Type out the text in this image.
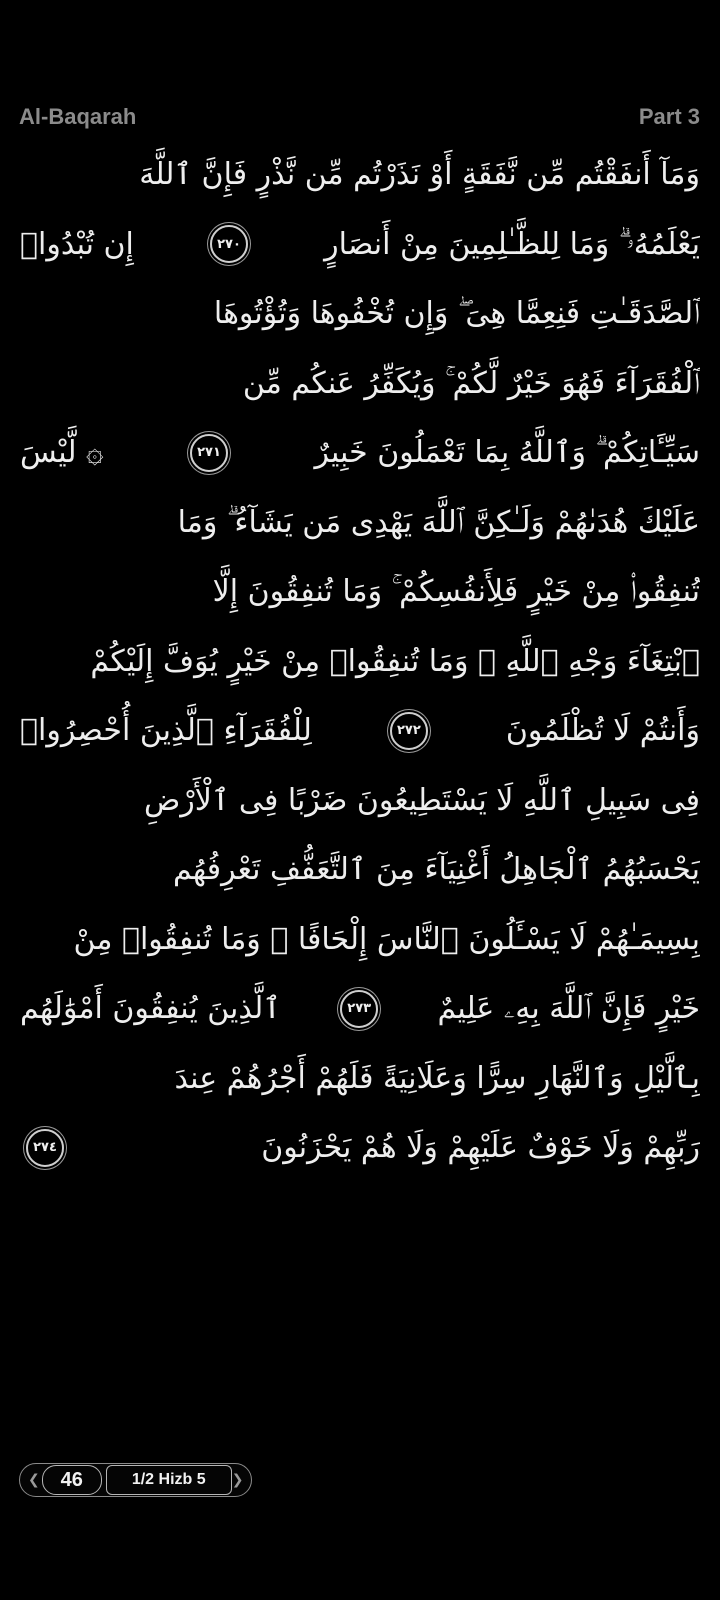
Al-Baqarah	Part 3
وَمَآ أَنفَقْتُم مِّن نَّفَقَةٍ أَوْ نَذَرْتُم مِّن نَّذْرٍ فَإِنَّ ٱللَّهَ
يَعْلَمُهُۥ ۗ وَمَا لِلظَّـٰلِمِينَ مِنْ أَنصَارٍ
٢٧٠
إِن تُبْدُوا۟
ٱلصَّدَقَـٰتِ فَنِعِمَّا هِىَ ۖ وَإِن تُخْفُوهَا وَتُؤْتُوهَا
ٱلْفُقَرَآءَ فَهُوَ خَيْرٌ لَّكُمْ ۚ وَيُكَفِّرُ عَنكُم مِّن
سَيِّـَٔاتِكُمْ ۗ وَٱللَّهُ بِمَا تَعْمَلُونَ خَبِيرٌ
٢٧١
۞ لَّيْسَ
عَلَيْكَ هُدَىٰهُمْ وَلَـٰكِنَّ ٱللَّهَ يَهْدِى مَن يَشَآءُ ۗ وَمَا
تُنفِقُوا۟ مِنْ خَيْرٍ فَلِأَنفُسِكُمْ ۚ وَمَا تُنفِقُونَ إِلَّا
ٱبْتِغَآءَ وَجْهِ ٱللَّهِ ۚ وَمَا تُنفِقُوا۟ مِنْ خَيْرٍ يُوَفَّ إِلَيْكُمْ
وَأَنتُمْ لَا تُظْلَمُونَ
٢٧٢
لِلْفُقَرَآءِ ٱلَّذِينَ أُحْصِرُوا۟
فِى سَبِيلِ ٱللَّهِ لَا يَسْتَطِيعُونَ ضَرْبًا فِى ٱلْأَرْضِ
يَحْسَبُهُمُ ٱلْجَاهِلُ أَغْنِيَآءَ مِنَ ٱلتَّعَفُّفِ تَعْرِفُهُم
بِسِيمَـٰهُمْ لَا يَسْـَٔلُونَ ٱلنَّاسَ إِلْحَافًا ۗ وَمَا تُنفِقُوا۟ مِنْ
خَيْرٍ فَإِنَّ ٱللَّهَ بِهِۦ عَلِيمٌ
٢٧٣
ٱلَّذِينَ يُنفِقُونَ أَمْوَٰلَهُم
بِٱلَّيْلِ وَٱلنَّهَارِ سِرًّا وَعَلَانِيَةً فَلَهُمْ أَجْرُهُمْ عِندَ
رَبِّهِمْ وَلَا خَوْفٌ عَلَيْهِمْ وَلَا هُمْ يَحْزَنُونَ
٢٧٤
❮	46	1/2 Hizb 5	❯
